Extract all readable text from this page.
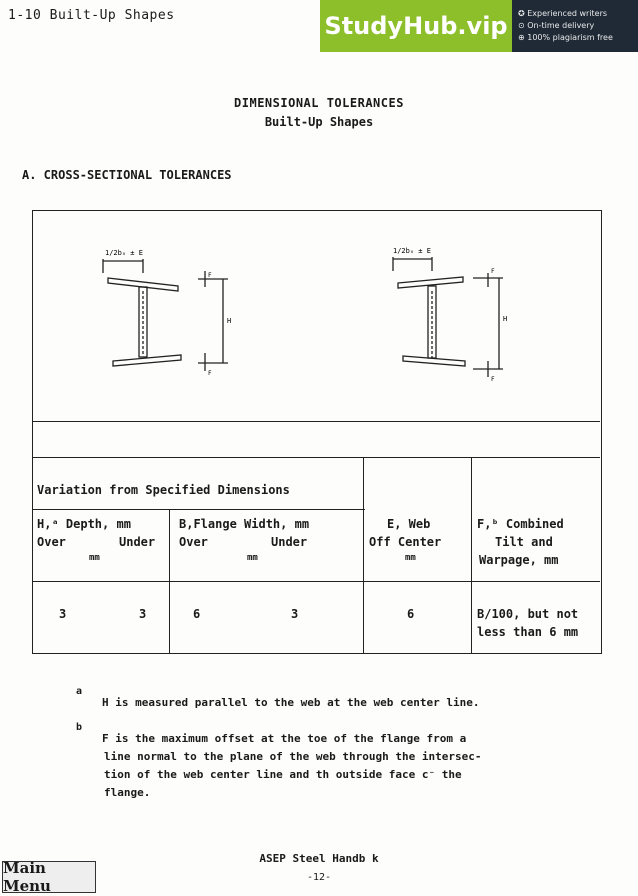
1-10 Built-Up Shapes	StudyHub.vip	✪ Experienced writers
⊙ On-time delivery
⊕ 100% plagiarism free
DIMENSIONAL TOLERANCES
Built-Up Shapes
A. CROSS-SECTIONAL TOLERANCES
1/2bₓ ± E	1/2bₓ ± E
H	H
F
F
F
F
Variation from Specified Dimensions
H,ᵃ Depth, mm
Over	Under
mm
B,Flange Width, mm
Over	Under
mm
E, Web
Off Center
mm
F,ᵇ Combined
Tilt and
Warpage, mm
3	3	6	3	6	B/100, but not
less than 6 mm
a
H is measured parallel to the web at the web center line.
b
F is the maximum offset at the toe of the flange from a
line normal to the plane of the web through the intersec-
tion of the web center line and th outside face c⁻ the
flange.
ASEP Steel Handb k
-12-
Main Menu
